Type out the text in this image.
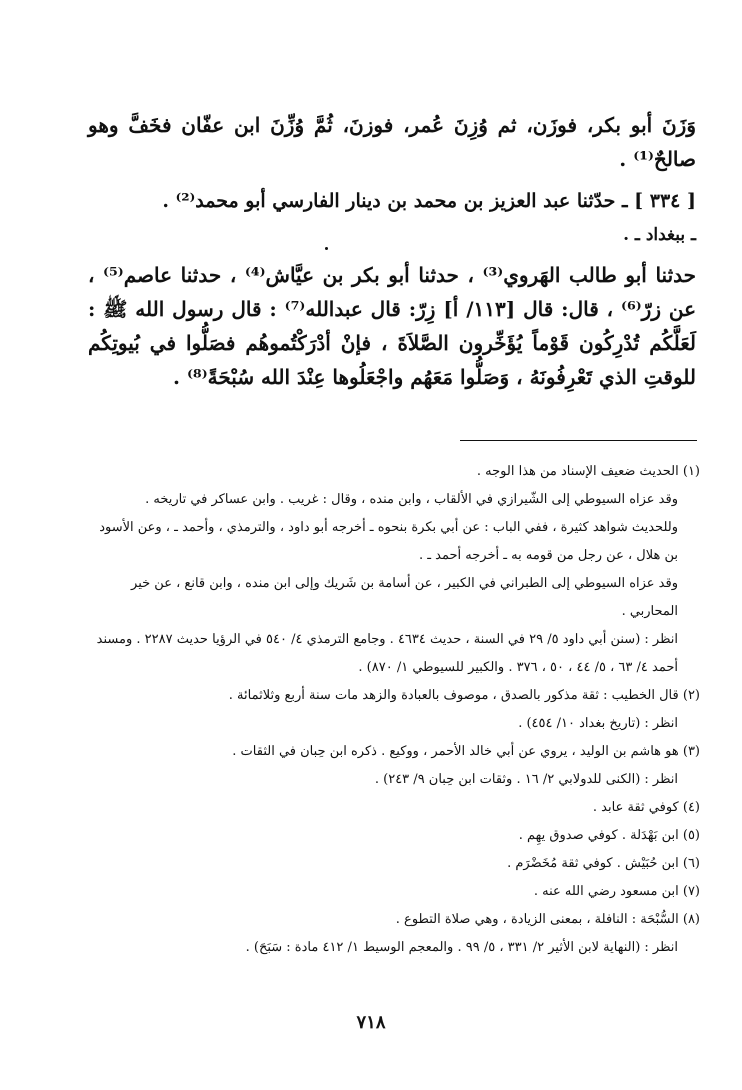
وَزَنَ أبو بكر، فوزَن، ثم وُزِنَ عُمر، فوزنَ، ثُمَّ وُزِّنَ ابن عفّان فخَفَّ وهو صالحٌ⁽¹⁾ .

[ ٣٣٤ ] ـ حدّثنا عبد العزيز بن محمد بن دينار الفارسي أبو محمد⁽²⁾ .

ـ ببغداد ـ .

حدثنا أبو طالب الهَروي⁽³⁾ ، حدثنا أبو بكر بن عيَّاش⁽⁴⁾ ، حدثنا عاصم⁽⁵⁾ ، عن زرّ⁽⁶⁾ ، قال: قال [١١٣/ أ] زِرّ: قال عبدالله⁽⁷⁾ : قال رسول الله ﷺ : لَعَلَّكُم تُدْرِكُون قَوْماً يُؤَخِّرون الصَّلاَةَ ، فإنْ أدْرَكْتُموهُم فصَلُّوا في بُيوتِكُم للوقتِ الذي تَعْرِفُونَهُ ، وَصَلُّوا مَعَهُم واجْعَلُوها عِنْدَ الله سُبْحَةً⁽⁸⁾ .

(١) الحديث ضعيف الإسناد من هذا الوجه .

وقد عزاه السيوطي إلى الشّيرازي في الألقاب ، وابن منده ، وقال : غريب . وابن عساكر في تاريخه .

وللحديث شواهد كثيرة ، ففي الباب : عن أبي بكرة بنحوه ـ أخرجه أبو داود ، والترمذي ، وأحمد ـ ، وعن الأسود بن هلال ، عن رجل من قومه به ـ أخرجه أحمد ـ .

وقد عزاه السيوطي إلى الطبراني في الكبير ، عن أسامة بن شَريك وإلى ابن منده ، وابن قانع ، عن خير المحاربي .

انظر : (سنن أبي داود ٥/ ٢٩ في السنة ، حديث ٤٦٣٤ . وجامع الترمذي ٤/ ٥٤٠ في الرؤيا حديث ٢٢٨٧ . ومسند أحمد ٤/ ٦٣ ، ٥/ ٤٤ ، ٥٠ ، ٣٧٦ . والكبير للسيوطي ١/ ٨٧٠) .

(٢) قال الخطيب : ثقة مذكور بالصدق ، موصوف بالعبادة والزهد مات سنة أربع وثلاثمائة .

انظر : (تاريخ بغداد ١٠/ ٤٥٤) .

(٣) هو هاشم بن الوليد ، يروي عن أبي خالد الأحمر ، ووكيع . ذكره ابن حِبان في الثقات .

انظر : (الكنى للدولابي ٢/ ١٦ . وثقات ابن حِبان ٩/ ٢٤٣) .

(٤) كوفي ثقة عابد .

(٥) ابن بَهْدَلة . كوفي صدوق يهِم .

(٦) ابن حُبَيْش . كوفي ثقة مُخَضْرَم .

(٧) ابن مسعود رضي الله عنه .

(٨) السُّبْحَة : النافلة ، بمعنى الزيادة ، وهي صلاة التطوع .

انظر : (النهاية لابن الأثير ٢/ ٣٣١ ، ٥/ ٩٩ . والمعجم الوسيط ١/ ٤١٢ مادة : سَبَحَ) .

٧١٨
